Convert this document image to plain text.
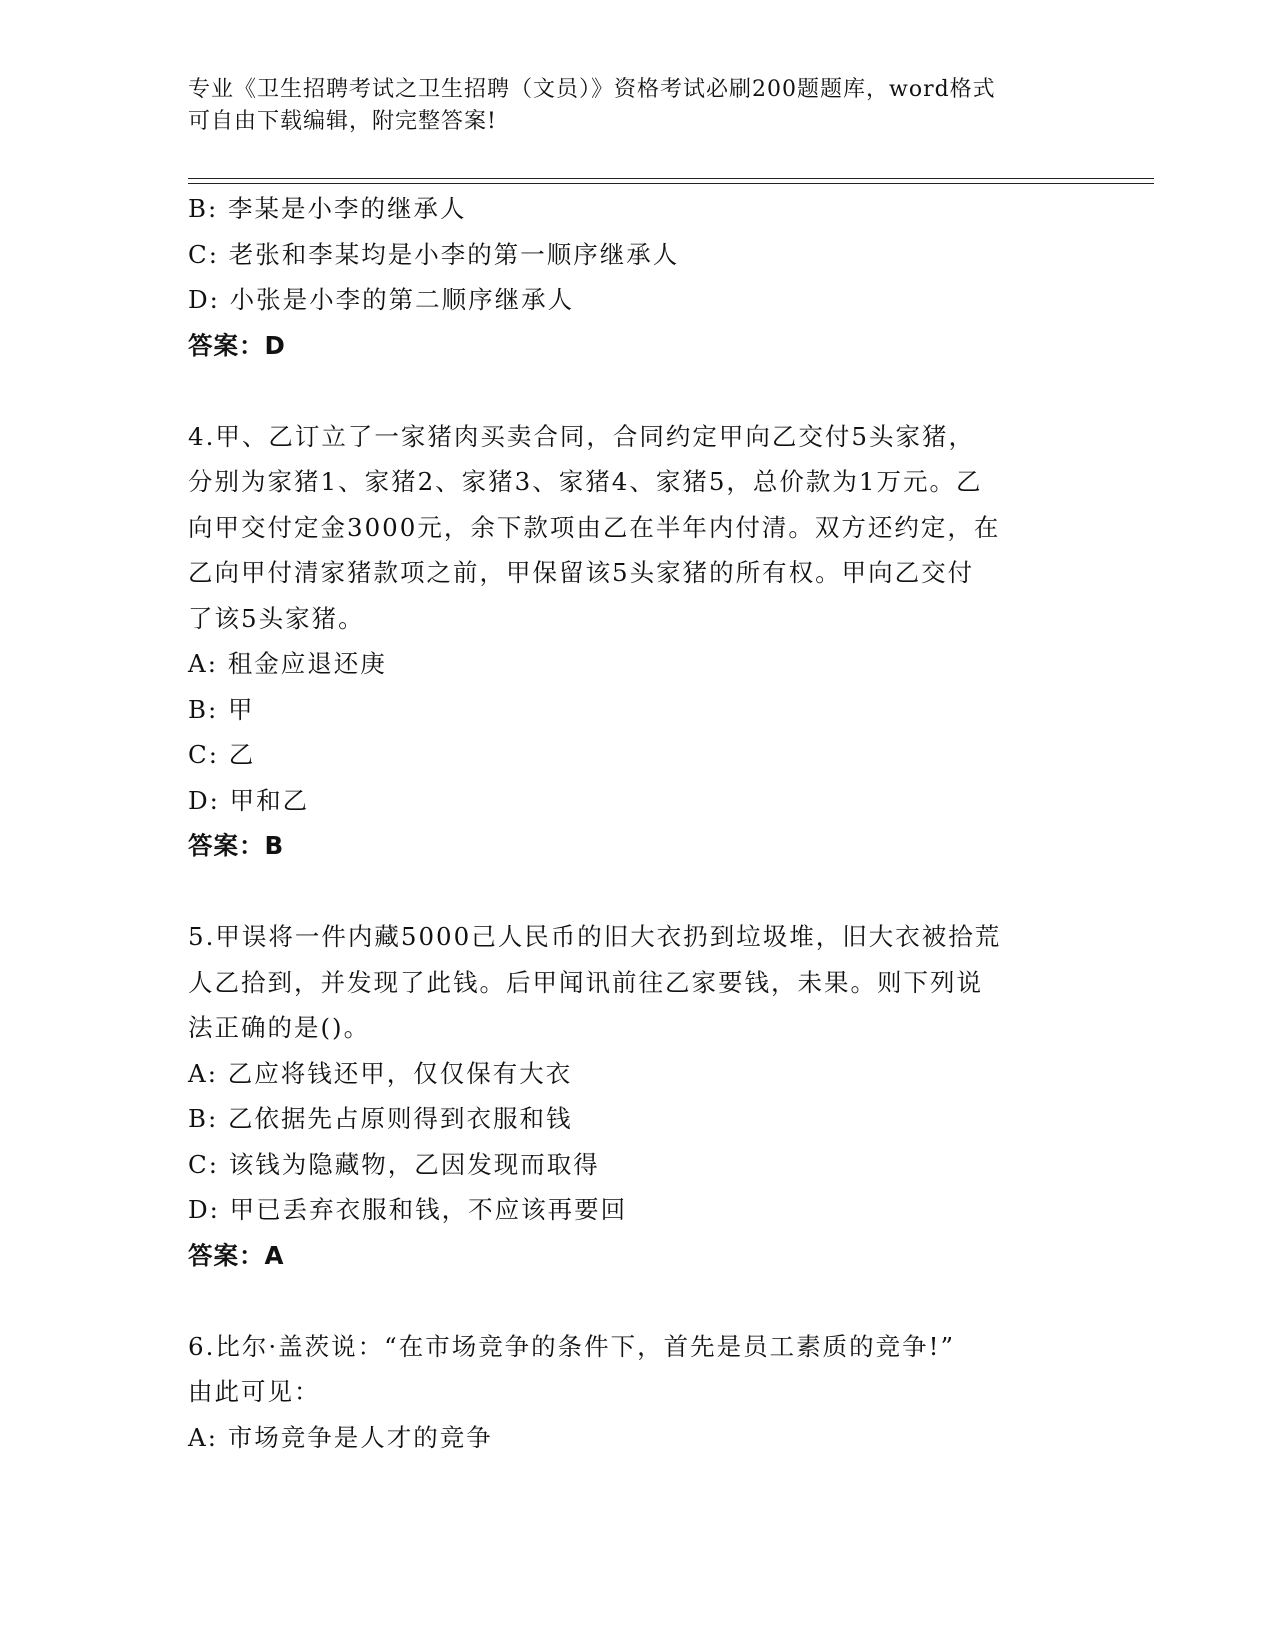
专业《卫生招聘考试之卫生招聘（文员）》资格考试必刷200题题库，word格式
可自由下载编辑，附完整答案!
B: 李某是小李的继承人
C: 老张和李某均是小李的第一顺序继承人
D: 小张是小李的第二顺序继承人
答案：D
4.甲、乙订立了一家猪肉买卖合同，合同约定甲向乙交付5头家猪，
分别为家猪1、家猪2、家猪3、家猪4、家猪5，总价款为1万元。乙
向甲交付定金3000元，余下款项由乙在半年内付清。双方还约定，在
乙向甲付清家猪款项之前，甲保留该5头家猪的所有权。甲向乙交付
了该5头家猪。
A: 租金应退还庚
B: 甲
C: 乙
D: 甲和乙
答案：B
5.甲误将一件内藏5000己人民币的旧大衣扔到垃圾堆，旧大衣被拾荒
人乙拾到，并发现了此钱。后甲闻讯前往乙家要钱，未果。则下列说
法正确的是()。
A: 乙应将钱还甲，仅仅保有大衣
B: 乙依据先占原则得到衣服和钱
C: 该钱为隐藏物，乙因发现而取得
D: 甲已丢弃衣服和钱，不应该再要回
答案：A
6.比尔·盖茨说：“在市场竞争的条件下，首先是员工素质的竞争!”
由此可见：
A: 市场竞争是人才的竞争
